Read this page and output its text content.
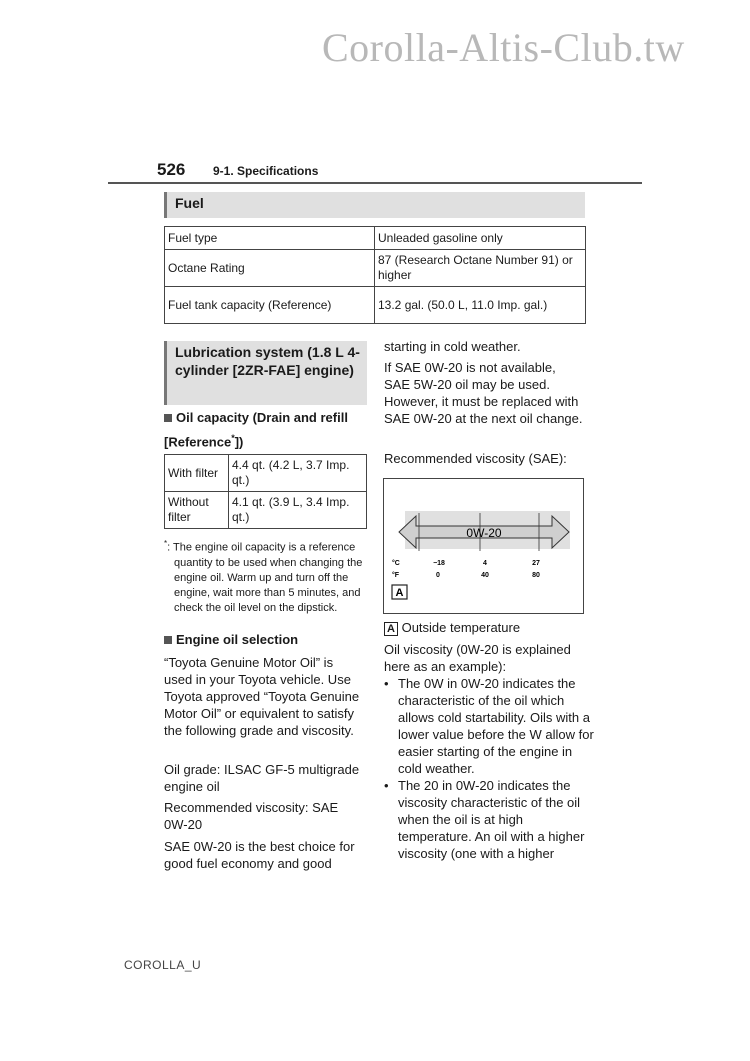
Corolla-Altis-Club.tw
526 9-1. Specifications
Fuel
Fuel type	Unleaded gasoline only
Octane Rating	87 (Research Octane Number 91) or higher
Fuel tank capacity (Reference)	13.2 gal. (50.0 L, 11.0 Imp. gal.)
Lubrication system (1.8 L 4-cylinder [2ZR-FAE] engine)
Oil capacity (Drain and refill [Reference*])
With filter	4.4 qt. (4.2 L, 3.7 Imp. qt.)
Without filter	4.1 qt. (3.9 L, 3.4 Imp. qt.)
*: The engine oil capacity is a reference quantity to be used when changing the engine oil. Warm up and turn off the engine, wait more than 5 minutes, and check the oil level on the dipstick.
Engine oil selection
“Toyota Genuine Motor Oil” is used in your Toyota vehicle. Use Toyota approved “Toyota Genuine Motor Oil” or equivalent to satisfy the following grade and viscosity.
Oil grade: ILSAC GF-5 multigrade engine oil
Recommended viscosity: SAE 0W-20
SAE 0W-20 is the best choice for good fuel economy and good
starting in cold weather.
If SAE 0W-20 is not available, SAE 5W-20 oil may be used. However, it must be replaced with SAE 0W-20 at the next oil change.
Recommended viscosity (SAE):
0W-20
°C
°F
−18	4	27
0	40	80
A
A Outside temperature
Oil viscosity (0W-20 is explained here as an example):
• The 0W in 0W-20 indicates the characteristic of the oil which allows cold startability. Oils with a lower value before the W allow for easier starting of the engine in cold weather.
• The 20 in 0W-20 indicates the viscosity characteristic of the oil when the oil is at high temperature. An oil with a higher viscosity (one with a higher
COROLLA_U
